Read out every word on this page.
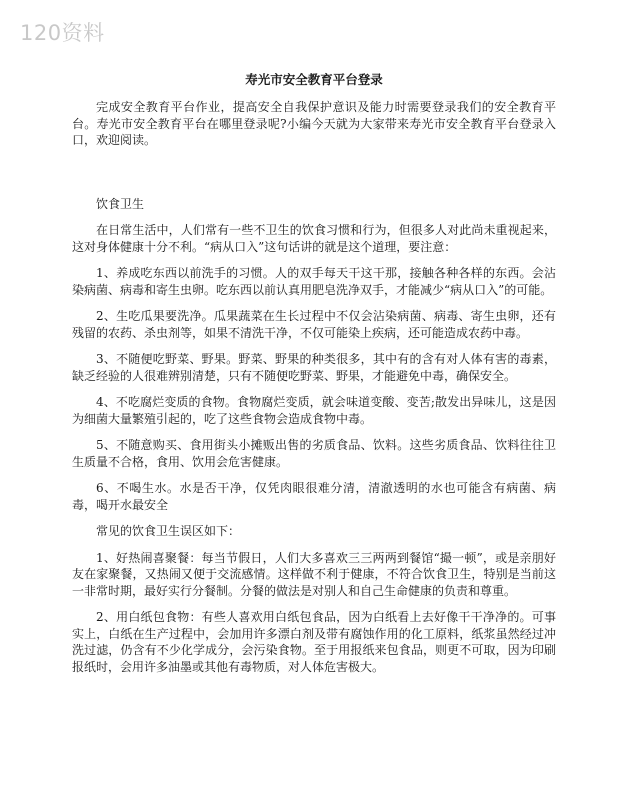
120资料
寿光市安全教育平台登录

完成安全教育平台作业，提高安全自我保护意识及能力时需要登录我们的安全教育平台。寿光市安全教育平台在哪里登录呢?小编今天就为大家带来寿光市安全教育平台登录入口，欢迎阅读。

饮食卫生

在日常生活中，人们常有一些不卫生的饮食习惯和行为，但很多人对此尚未重视起来，这对身体健康十分不利。“病从口入”这句话讲的就是这个道理，要注意：

1、养成吃东西以前洗手的习惯。人的双手每天干这干那，接触各种各样的东西。会沾染病菌、病毒和寄生虫卵。吃东西以前认真用肥皂洗净双手，才能减少“病从口入”的可能。

2、生吃瓜果要洗净。瓜果蔬菜在生长过程中不仅会沾染病菌、病毒、寄生虫卵，还有残留的农药、杀虫剂等，如果不清洗干净，不仅可能染上疾病，还可能造成农药中毒。

3、不随便吃野菜、野果。野菜、野果的种类很多，其中有的含有对人体有害的毒素，缺乏经验的人很难辨别清楚，只有不随便吃野菜、野果，才能避免中毒，确保安全。

4、不吃腐烂变质的食物。食物腐烂变质，就会味道变酸、变苦;散发出异味儿，这是因为细菌大量繁殖引起的，吃了这些食物会造成食物中毒。

5、不随意购买、食用街头小摊贩出售的劣质食品、饮料。这些劣质食品、饮料往往卫生质量不合格，食用、饮用会危害健康。

6、不喝生水。水是否干净，仅凭肉眼很难分清，清澈透明的水也可能含有病菌、病毒，喝开水最安全

常见的饮食卫生误区如下：

1、好热闹喜聚餐：每当节假日，人们大多喜欢三三两两到餐馆“撮一顿”，或是亲朋好友在家聚餐，又热闹又便于交流感情。这样做不利于健康，不符合饮食卫生，特别是当前这一非常时期，最好实行分餐制。分餐的做法是对别人和自己生命健康的负责和尊重。

2、用白纸包食物：有些人喜欢用白纸包食品，因为白纸看上去好像干干净净的。可事实上，白纸在生产过程中，会加用许多漂白剂及带有腐蚀作用的化工原料，纸浆虽然经过冲洗过滤，仍含有不少化学成分，会污染食物。至于用报纸来包食品，则更不可取，因为印刷报纸时，会用许多油墨或其他有毒物质，对人体危害极大。
